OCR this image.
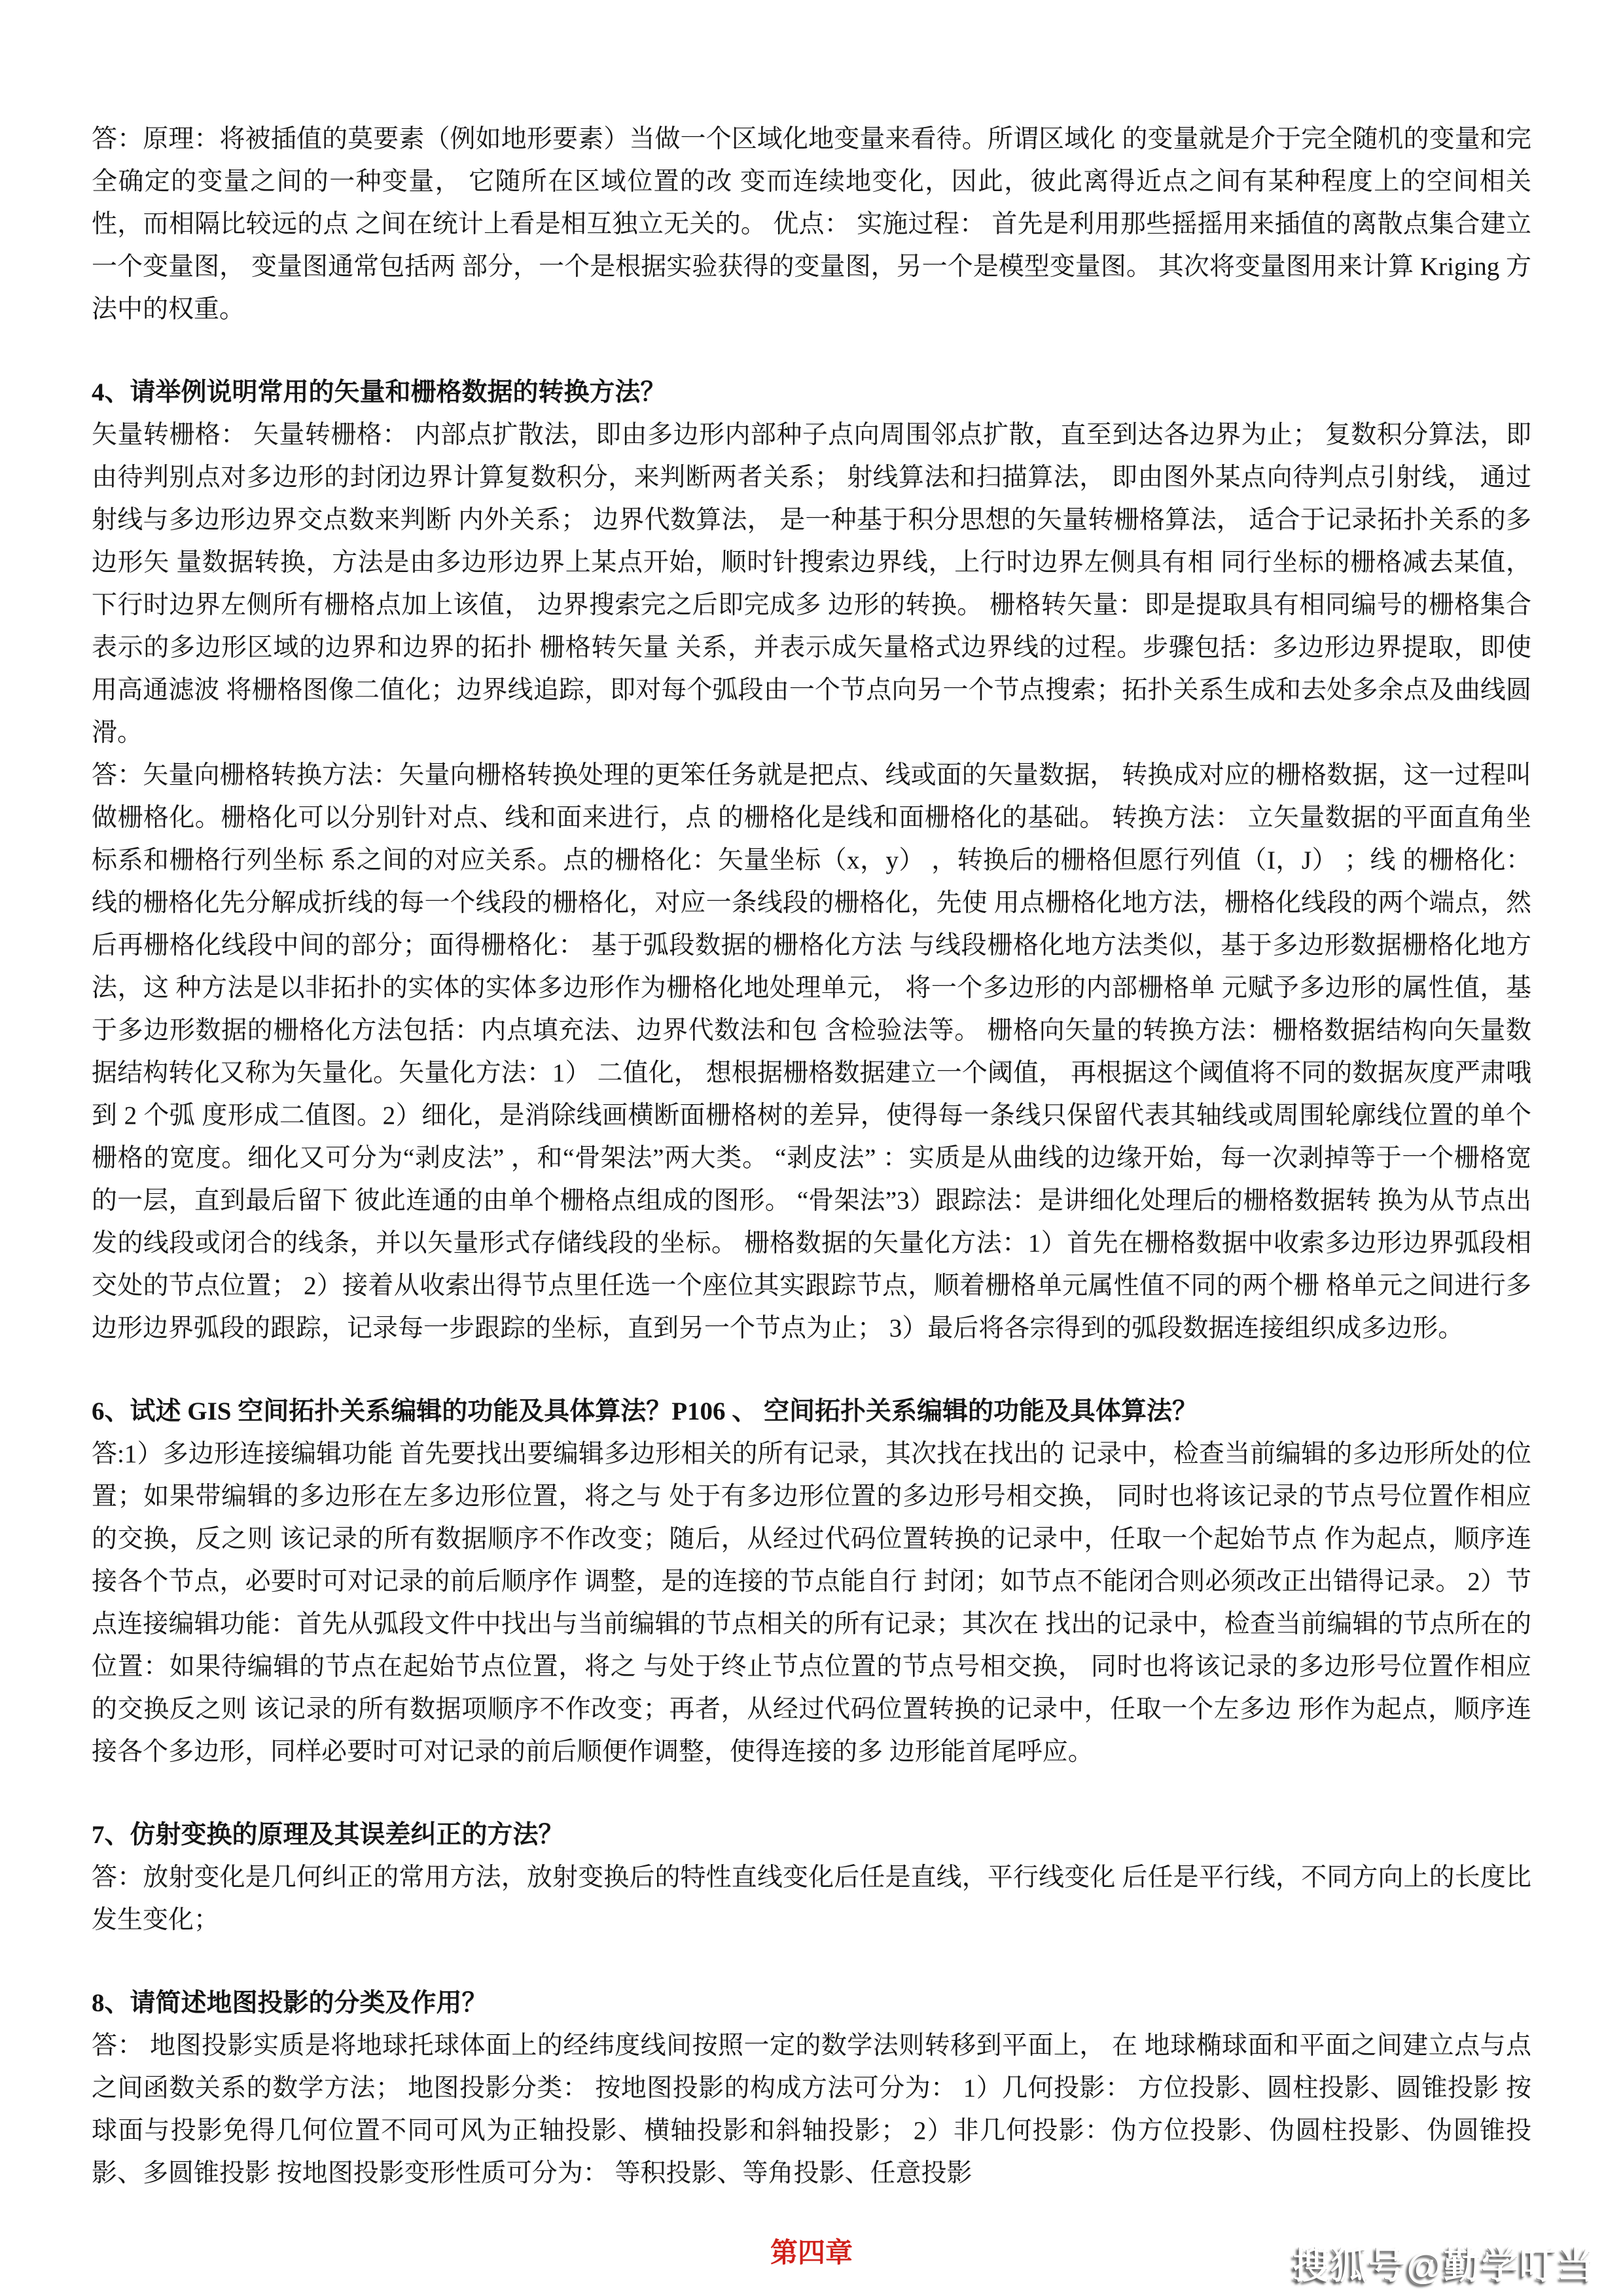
答：原理：将被插值的莫要素（例如地形要素）当做一个区域化地变量来看待。所谓区域化 的变量就是介于完全随机的变量和完全确定的变量之间的一种变量， 它随所在区域位置的改 变而连续地变化，因此，彼此离得近点之间有某种程度上的空间相关性，而相隔比较远的点 之间在统计上看是相互独立无关的。 优点： 实施过程： 首先是利用那些摇摇用来插值的离散点集合建立一个变量图， 变量图通常包括两 部分，一个是根据实验获得的变量图，另一个是模型变量图。 其次将变量图用来计算 Kriging 方法中的权重。

4、请举例说明常用的矢量和栅格数据的转换方法？

矢量转栅格： 矢量转栅格： 内部点扩散法，即由多边形内部种子点向周围邻点扩散，直至到达各边界为止； 复数积分算法，即由待判别点对多边形的封闭边界计算复数积分，来判断两者关系； 射线算法和扫描算法， 即由图外某点向待判点引射线， 通过射线与多边形边界交点数来判断 内外关系； 边界代数算法， 是一种基于积分思想的矢量转栅格算法， 适合于记录拓扑关系的多边形矢 量数据转换，方法是由多边形边界上某点开始，顺时针搜索边界线，上行时边界左侧具有相 同行坐标的栅格减去某值， 下行时边界左侧所有栅格点加上该值， 边界搜索完之后即完成多 边形的转换。 栅格转矢量：即是提取具有相同编号的栅格集合表示的多边形区域的边界和边界的拓扑 栅格转矢量 关系，并表示成矢量格式边界线的过程。步骤包括：多边形边界提取，即使用高通滤波 将栅格图像二值化；边界线追踪，即对每个弧段由一个节点向另一个节点搜索；拓扑关系生成和去处多余点及曲线圆滑。

答：矢量向栅格转换方法：矢量向栅格转换处理的更笨任务就是把点、线或面的矢量数据， 转换成对应的栅格数据，这一过程叫做栅格化。栅格化可以分别针对点、线和面来进行，点 的栅格化是线和面栅格化的基础。 转换方法： 立矢量数据的平面直角坐标系和栅格行列坐标 系之间的对应关系。点的栅格化：矢量坐标（x，y） ，转换后的栅格但愿行列值（I，J） ；线 的栅格化：线的栅格化先分解成折线的每一个线段的栅格化，对应一条线段的栅格化，先使 用点栅格化地方法，栅格化线段的两个端点，然后再栅格化线段中间的部分；面得栅格化： 基于弧段数据的栅格化方法 与线段栅格化地方法类似，基于多边形数据栅格化地方法，这 种方法是以非拓扑的实体的实体多边形作为栅格化地处理单元， 将一个多边形的内部栅格单 元赋予多边形的属性值，基于多边形数据的栅格化方法包括：内点填充法、边界代数法和包 含检验法等。 栅格向矢量的转换方法：栅格数据结构向矢量数据结构转化又称为矢量化。矢量化方法：1） 二值化， 想根据栅格数据建立一个阈值， 再根据这个阈值将不同的数据灰度严肃哦到 2 个弧 度形成二值图。2）细化，是消除线画横断面栅格树的差异，使得每一条线只保留代表其轴线或周围轮廓线位置的单个栅格的宽度。细化又可分为“剥皮法” ，和“骨架法”两大类。 “剥皮法” ：实质是从曲线的边缘开始，每一次剥掉等于一个栅格宽的一层，直到最后留下 彼此连通的由单个栅格点组成的图形。 “骨架法”3）跟踪法：是讲细化处理后的栅格数据转 换为从节点出发的线段或闭合的线条，并以矢量形式存储线段的坐标。 栅格数据的矢量化方法：1）首先在栅格数据中收索多边形边界弧段相交处的节点位置； 2）接着从收索出得节点里任选一个座位其实跟踪节点，顺着栅格单元属性值不同的两个栅 格单元之间进行多边形边界弧段的跟踪，记录每一步跟踪的坐标，直到另一个节点为止； 3）最后将各宗得到的弧段数据连接组织成多边形。

6、试述 GIS 空间拓扑关系编辑的功能及具体算法？P106 、 空间拓扑关系编辑的功能及具体算法？

答:1）多边形连接编辑功能 首先要找出要编辑多边形相关的所有记录，其次找在找出的 记录中，检查当前编辑的多边形所处的位置；如果带编辑的多边形在左多边形位置，将之与 处于有多边形位置的多边形号相交换， 同时也将该记录的节点号位置作相应的交换，反之则 该记录的所有数据顺序不作改变；随后，从经过代码位置转换的记录中，任取一个起始节点 作为起点，顺序连接各个节点，必要时可对记录的前后顺序作 调整，是的连接的节点能自行 封闭；如节点不能闭合则必须改正出错得记录。 2）节点连接编辑功能：首先从弧段文件中找出与当前编辑的节点相关的所有记录；其次在 找出的记录中，检查当前编辑的节点所在的位置：如果待编辑的节点在起始节点位置，将之 与处于终止节点位置的节点号相交换， 同时也将该记录的多边形号位置作相应的交换反之则 该记录的所有数据项顺序不作改变；再者，从经过代码位置转换的记录中，任取一个左多边 形作为起点，顺序连接各个多边形，同样必要时可对记录的前后顺便作调整，使得连接的多 边形能首尾呼应。

7、仿射变换的原理及其误差纠正的方法？

答：放射变化是几何纠正的常用方法，放射变换后的特性直线变化后任是直线，平行线变化 后任是平行线，不同方向上的长度比发生变化；

8、请简述地图投影的分类及作用？

答： 地图投影实质是将地球托球体面上的经纬度线间按照一定的数学法则转移到平面上， 在 地球椭球面和平面之间建立点与点之间函数关系的数学方法； 地图投影分类： 按地图投影的构成方法可分为： 1）几何投影： 方位投影、圆柱投影、圆锥投影 按球面与投影免得几何位置不同可风为正轴投影、横轴投影和斜轴投影； 2）非几何投影：伪方位投影、伪圆柱投影、伪圆锥投影、多圆锥投影 按地图投影变形性质可分为： 等积投影、等角投影、任意投影

第四章	搜狐号@勤学叮当
